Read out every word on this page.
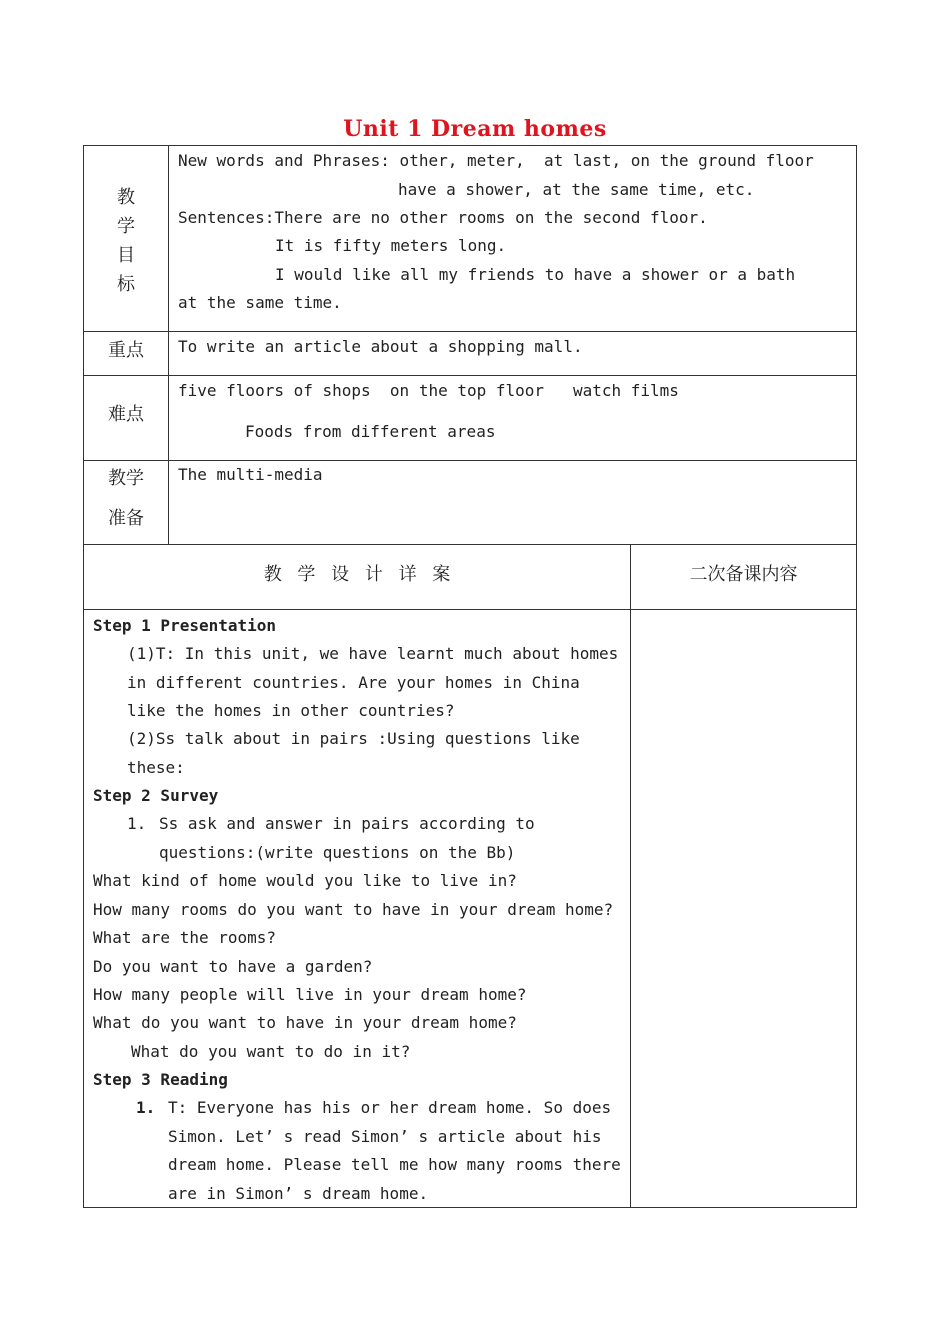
Unit 1 Dream homes
教
学
目
标
New words and Phrases: other, meter,  at last, on the ground floor
have a shower, at the same time, etc.
Sentences:There are no other rooms on the second floor.
It is fifty meters long.
I would like all my friends to have a shower or a bath
at the same time.
重点	To write an article about a shopping mall.
难点
five floors of shops  on the top floor   watch films
Foods from different areas
教学
准备
The multi-media
教 学 设 计 详 案	二次备课内容
Step 1 Presentation
(1)T: In this unit, we have learnt much about homes
in different countries. Are your homes in China
like the homes in other countries?
(2)Ss talk about in pairs :Using questions like
these:
Step 2 Survey
1. Ss ask and answer in pairs according to
questions:(write questions on the Bb)
What kind of home would you like to live in?
How many rooms do you want to have in your dream home?
What are the rooms?
Do you want to have a garden?
How many people will live in your dream home?
What do you want to have in your dream home?
What do you want to do in it?
Step 3 Reading
1. T: Everyone has his or her dream home. So does
Simon. Let’ s read Simon’ s article about his
dream home. Please tell me how many rooms there
are in Simon’ s dream home.
